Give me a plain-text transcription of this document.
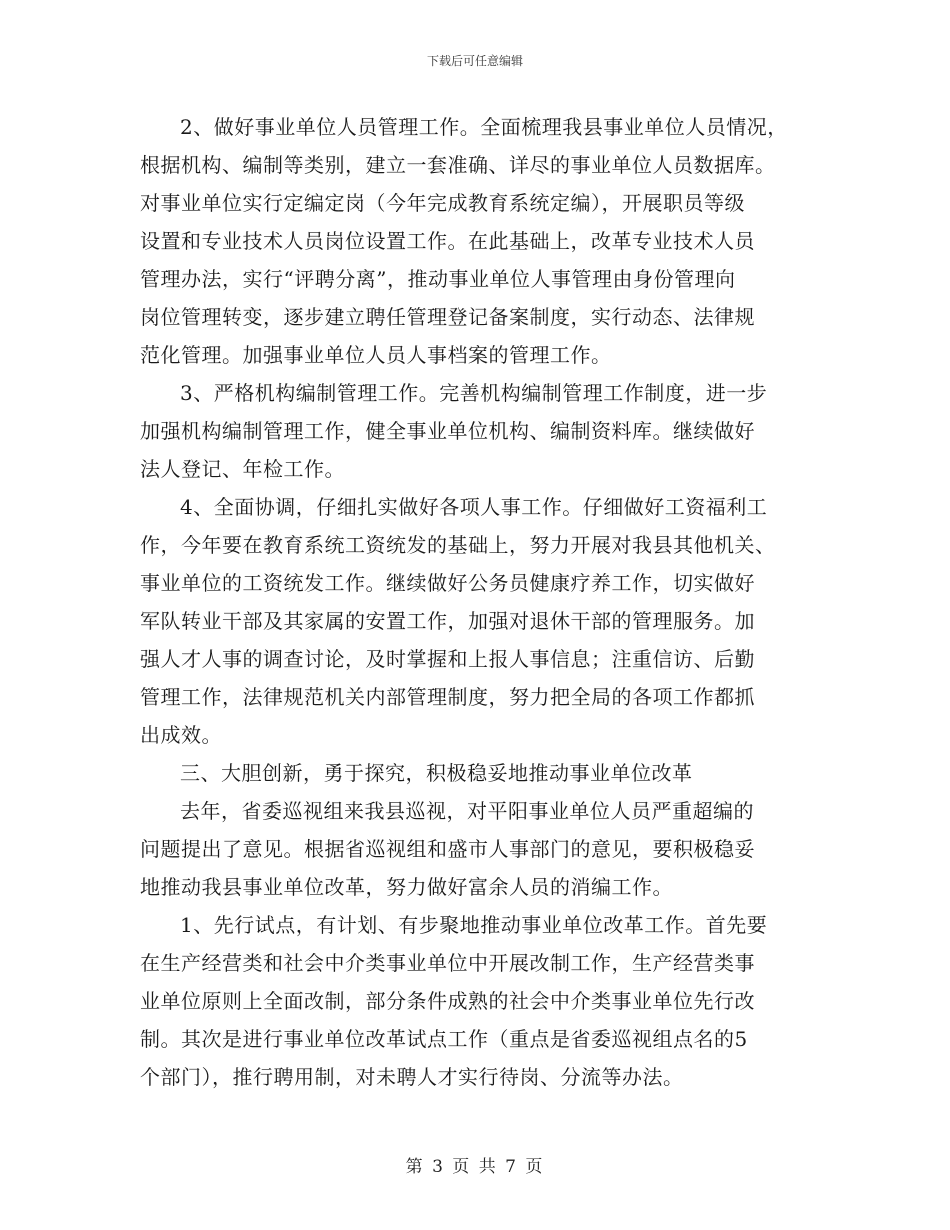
下载后可任意编辑
2、做好事业单位人员管理工作。全面梳理我县事业单位人员情况，
根据机构、编制等类别，建立一套准确、详尽的事业单位人员数据库。
对事业单位实行定编定岗（今年完成教育系统定编），开展职员等级
设置和专业技术人员岗位设置工作。在此基础上，改革专业技术人员
管理办法，实行“评聘分离”，推动事业单位人事管理由身份管理向
岗位管理转变，逐步建立聘任管理登记备案制度，实行动态、法律规
范化管理。加强事业单位人员人事档案的管理工作。
3、严格机构编制管理工作。完善机构编制管理工作制度，进一步
加强机构编制管理工作，健全事业单位机构、编制资料库。继续做好
法人登记、年检工作。
4、全面协调，仔细扎实做好各项人事工作。仔细做好工资福利工
作，今年要在教育系统工资统发的基础上，努力开展对我县其他机关、
事业单位的工资统发工作。继续做好公务员健康疗养工作，切实做好
军队转业干部及其家属的安置工作，加强对退休干部的管理服务。加
强人才人事的调查讨论，及时掌握和上报人事信息；注重信访、后勤
管理工作，法律规范机关内部管理制度，努力把全局的各项工作都抓
出成效。
三、大胆创新，勇于探究，积极稳妥地推动事业单位改革
去年，省委巡视组来我县巡视，对平阳事业单位人员严重超编的
问题提出了意见。根据省巡视组和盛市人事部门的意见，要积极稳妥
地推动我县事业单位改革，努力做好富余人员的消编工作。
1、先行试点，有计划、有步聚地推动事业单位改革工作。首先要
在生产经营类和社会中介类事业单位中开展改制工作，生产经营类事
业单位原则上全面改制，部分条件成熟的社会中介类事业单位先行改
制。其次是进行事业单位改革试点工作（重点是省委巡视组点名的5
个部门），推行聘用制，对未聘人才实行待岗、分流等办法。
第 3 页 共 7 页
